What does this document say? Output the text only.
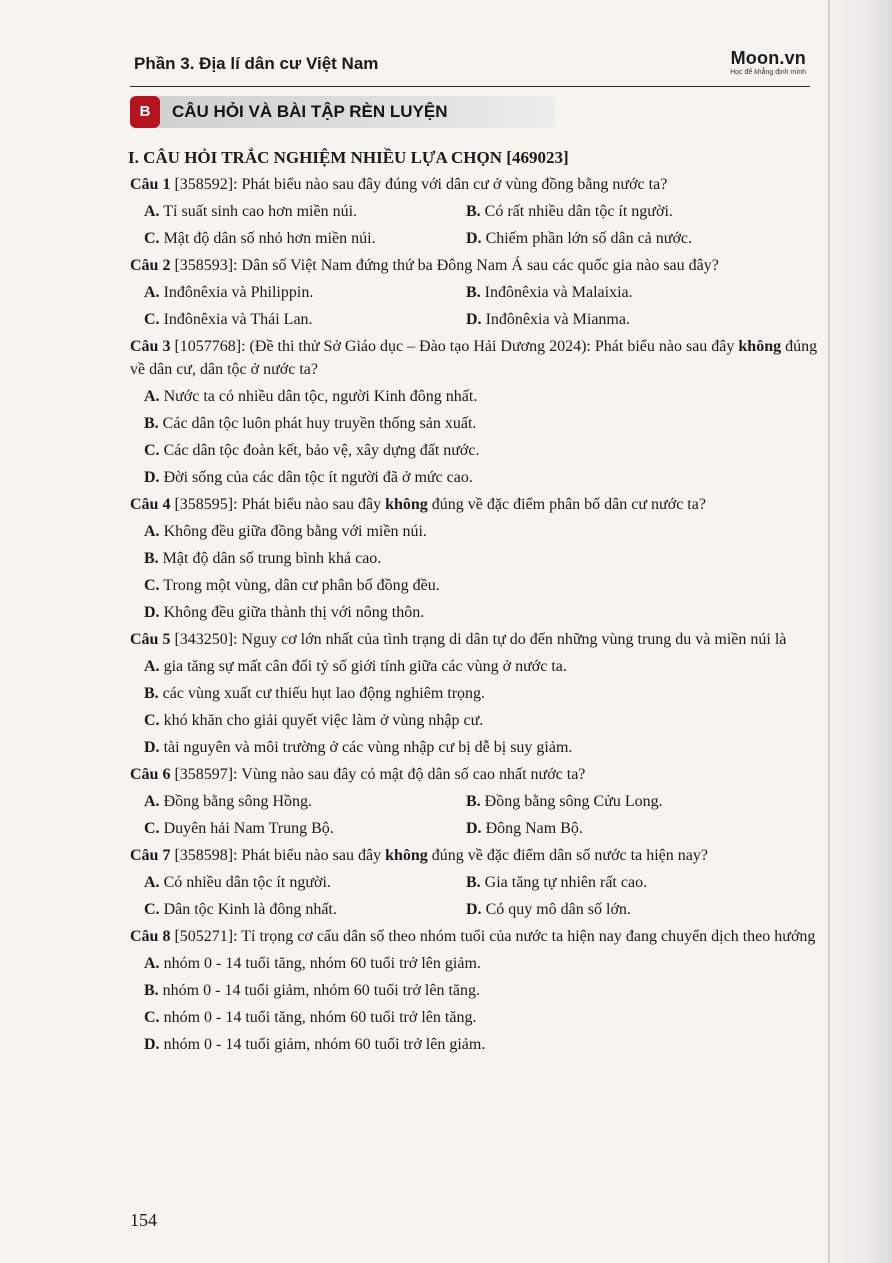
Phần 3. Địa lí dân cư Việt Nam	Moon.vn
Học để khẳng định mình
B	CÂU HỎI VÀ BÀI TẬP RÈN LUYỆN
I. CÂU HỎI TRẮC NGHIỆM NHIỀU LỰA CHỌN [469023]
Câu 1 [358592]: Phát biểu nào sau đây đúng với dân cư ở vùng đồng bằng nước ta?
A. Tỉ suất sinh cao hơn miền núi.	B. Có rất nhiều dân tộc ít người.
C. Mật độ dân số nhỏ hơn miền núi.	D. Chiếm phần lớn số dân cả nước.
Câu 2 [358593]: Dân số Việt Nam đứng thứ ba Đông Nam Á sau các quốc gia nào sau đây?
A. Inđônêxia và Philippin.	B. Inđônêxia và Malaixia.
C. Inđônêxia và Thái Lan.	D. Inđônêxia và Mianma.
Câu 3 [1057768]: (Đề thi thử Sở Giáo dục – Đào tạo Hải Dương 2024): Phát biểu nào sau đây không đúng về dân cư, dân tộc ở nước ta?
A. Nước ta có nhiều dân tộc, người Kinh đông nhất.
B. Các dân tộc luôn phát huy truyền thống sản xuất.
C. Các dân tộc đoàn kết, bảo vệ, xây dựng đất nước.
D. Đời sống của các dân tộc ít người đã ở mức cao.
Câu 4 [358595]: Phát biểu nào sau đây không đúng về đặc điểm phân bố dân cư nước ta?
A. Không đều giữa đồng bằng với miền núi.
B. Mật độ dân số trung bình khá cao.
C. Trong một vùng, dân cư phân bố đồng đều.
D. Không đều giữa thành thị với nông thôn.
Câu 5 [343250]: Nguy cơ lớn nhất của tình trạng di dân tự do đến những vùng trung du và miền núi là
A. gia tăng sự mất cân đối tỷ số giới tính giữa các vùng ở nước ta.
B. các vùng xuất cư thiếu hụt lao động nghiêm trọng.
C. khó khăn cho giải quyết việc làm ở vùng nhập cư.
D. tài nguyên và môi trường ở các vùng nhập cư bị dễ bị suy giảm.
Câu 6 [358597]: Vùng nào sau đây có mật độ dân số cao nhất nước ta?
A. Đồng bằng sông Hồng.	B. Đồng bằng sông Cửu Long.
C. Duyên hải Nam Trung Bộ.	D. Đông Nam Bộ.
Câu 7 [358598]: Phát biểu nào sau đây không đúng về đặc điểm dân số nước ta hiện nay?
A. Có nhiều dân tộc ít người.	B. Gia tăng tự nhiên rất cao.
C. Dân tộc Kinh là đông nhất.	D. Có quy mô dân số lớn.
Câu 8 [505271]: Tỉ trọng cơ cấu dân số theo nhóm tuổi của nước ta hiện nay đang chuyển dịch theo hướng
A. nhóm 0 - 14 tuổi tăng, nhóm 60 tuổi trở lên giảm.
B. nhóm 0 - 14 tuổi giảm, nhóm 60 tuổi trở lên tăng.
C. nhóm 0 - 14 tuổi tăng, nhóm 60 tuổi trở lên tăng.
D. nhóm 0 - 14 tuổi giảm, nhóm 60 tuổi trở lên giảm.
154
